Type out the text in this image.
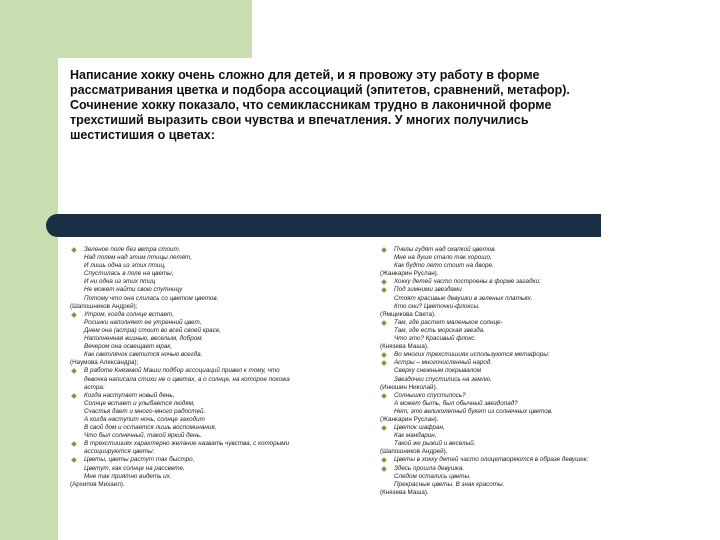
Написание хокку очень сложно для детей, и я провожу эту работу в форме
рассматривания цветка и подбора ассоциаций (эпитетов, сравнений, метафор).
Сочинение хокку показало, что семиклассникам трудно в лаконичной форме
трехстиший выразить свои чувства и впечатления. У многих получились
шестистишия о цветах:

Зеленое поле без ветра стоит.
Над полем над этим птицы летят,
И лишь одна из этих птиц,
Спустилась в поле на цветы,
И ни одна из этих птиц
Не может найти свою спутницу
Потому что она слилась со цветом цветов.
(Шапошников Андрей);
Утром, когда солнце встает,
Росинки наполняет ее утренний цвет,
Днем она (астра) стоит во всей своей красе,
Наполненная жизнью, веселым, добром.
Вечером она освещает мрак,
Как светлячок светится ночью всегда.
(Наумова Александра);
В работе Князевой Маши подбор ассоциаций привел к тому, что
девочка написала стихи не о цветах, а о солнце, на которое похожа
астра:
Когда наступает новый день,
Солнце встает и улыбается людям,
Счастья дает и много-много радостей.
А когда наступит ночь, солнце заходит
В свой дом и остается лишь воспоминания,
Что был солнечный, такой яркий день.
В трехстишиях характерно желание назвать чувства, с которыми
ассоциируются цветы:
Цветы, цветы растут так быстро,
Цветут, как солнце на рассвете,
Мне так приятно видеть их.
(Архипов Михаил).
Пчелы гудят над охапкой цветов.
Мне на душе стало так хорошо,
Как будто лето стоит на дворе.
(Жанкарин Руслан).
Хокку детей часто построены в форме загадки:
Под зимними звездами
Стоят красивые девушки в зеленых платьях.
Кто они? Цветочки-флоксы.
(Ямщикова Света).
Там, где растет маленькое солнце-
Там, где есть морская звезда.
Что это? Красивый флокс.
(Князева Маша).
Во многих трехстишиях используются метафоры:
Астры – многочисленный народ.
Сверху снежным покрывалом
Звездочки спустились на землю.
(Инюшин Николай).
Солнышко спустилось?
А может быть, был обычный звездопад?
Нет, это великолепный букет из солнечных цветов.
(Жанкарин Руслан).
Цветок шафран,
Как мандарин,
Такой же рыжий и веселый.
(Шапошников Андрей).
Цветы в хокку детей часто олицетворяются в образе девушек:
Здесь прошла девушка.
Следом остались цветы.
Прекрасные цветы. В знак красоты.
(Князева Маша).
